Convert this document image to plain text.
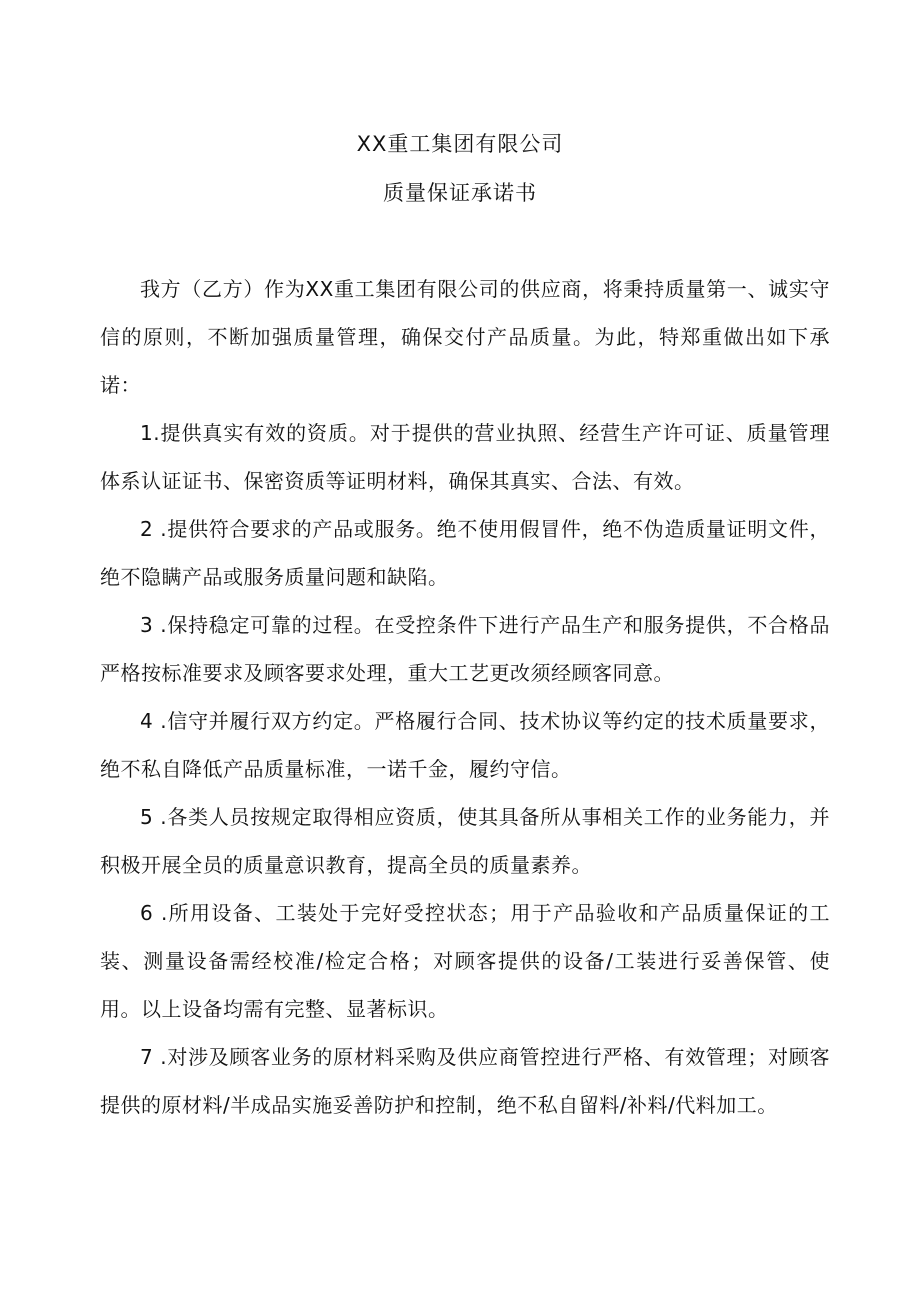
XX重工集团有限公司
质量保证承诺书

我方（乙方）作为XX重工集团有限公司的供应商，将秉持质量第一、诚实守信的原则，不断加强质量管理，确保交付产品质量。为此，特郑重做出如下承诺：

1.提供真实有效的资质。对于提供的营业执照、经营生产许可证、质量管理体系认证证书、保密资质等证明材料，确保其真实、合法、有效。

2 .提供符合要求的产品或服务。绝不使用假冒件，绝不伪造质量证明文件，绝不隐瞒产品或服务质量问题和缺陷。

3 .保持稳定可靠的过程。在受控条件下进行产品生产和服务提供，不合格品严格按标准要求及顾客要求处理，重大工艺更改须经顾客同意。

4 .信守并履行双方约定。严格履行合同、技术协议等约定的技术质量要求，绝不私自降低产品质量标准，一诺千金，履约守信。

5 .各类人员按规定取得相应资质，使其具备所从事相关工作的业务能力，并积极开展全员的质量意识教育，提高全员的质量素养。

6 .所用设备、工装处于完好受控状态；用于产品验收和产品质量保证的工装、测量设备需经校准/检定合格；对顾客提供的设备/工装进行妥善保管、使用。以上设备均需有完整、显著标识。

7 .对涉及顾客业务的原材料采购及供应商管控进行严格、有效管理；对顾客提供的原材料/半成品实施妥善防护和控制，绝不私自留料/补料/代料加工。
